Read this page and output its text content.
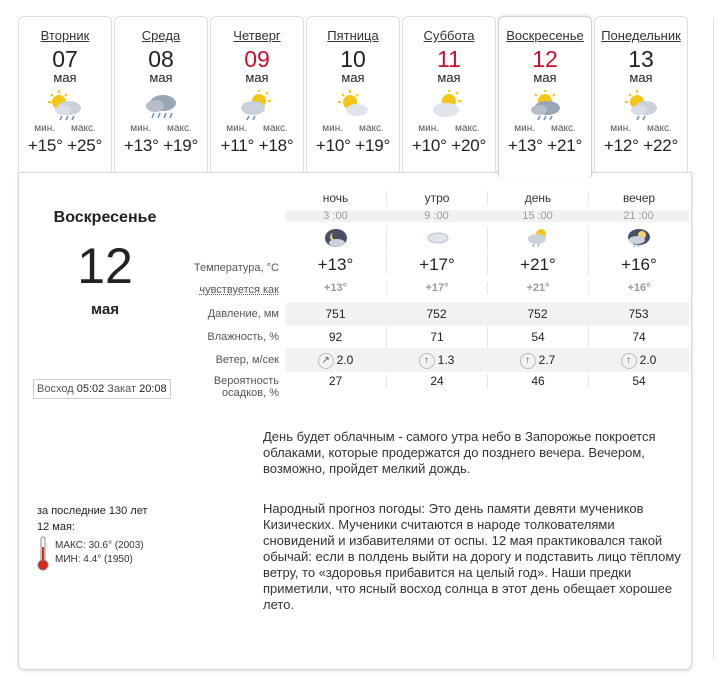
Вторник
07
мая
мин. макс.
+15° +25°
Среда
08
мая
мин. макс.
+13° +19°
Четверг
09
мая
мин. макс.
+11° +18°
Пятница
10
мая
мин. макс.
+10° +19°
Суббота
11
мая
мин. макс.
+10° +20°
Воскресенье
12
мая
мин. макс.
+13° +21°
Понедельник
13
мая
мин. макс.
+12° +22°
Воскресенье
12
мая
Восход 05:02 Закат 20:08
за последние 130 лет
12 мая:
МАКС: 30.6° (2003)
МИН: 4.4° (1950)
ночь	утро	день	вечер
3 :00	9 :00	15 :00	21 :00
Температура, °С	+13°	+17°	+21°	+16°
чувствуется как	+13°	+17°	+21°	+16°
Давление, мм	751	752	752	753
Влажность, %	92	71	54	74
Ветер, м/сек	↗ 2.0	↑ 1.3	↑ 2.7	↑ 2.0
Вероятность
осадков, %
27	24	46	54
День будет облачным - самого утра небо в Запорожье покроется облаками, которые продержатся до позднего вечера. Вечером, возможно, пройдет мелкий дождь.
Народный прогноз погоды: Это день памяти девяти мучеников Кизических. Мученики считаются в народе толкователями сновидений и избавителями от оспы. 12 мая практиковался такой обычай: если в полдень выйти на дорогу и подставить лицо тёплому ветру, то «здоровья прибавится на целый год». Наши предки приметили, что ясный восход солнца в этот день обещает хорошее лето.
